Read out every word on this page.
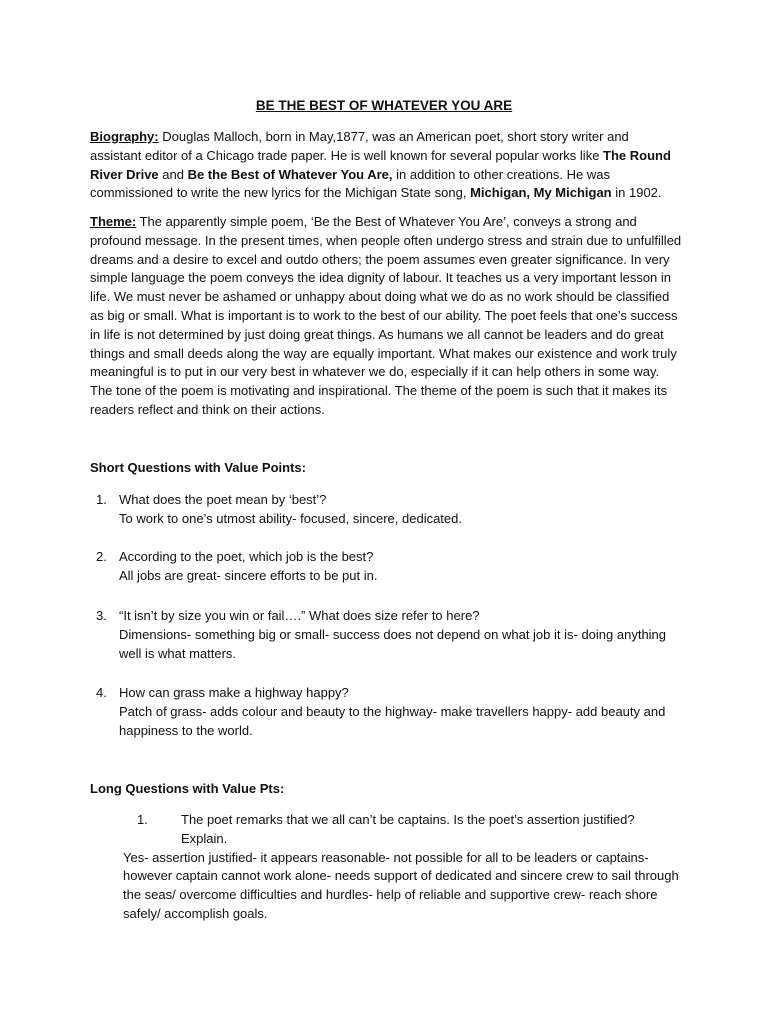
BE THE BEST OF WHATEVER YOU ARE

Biography: Douglas Malloch, born in May,1877, was an American poet, short story writer and assistant editor of a Chicago trade paper. He is well known for several popular works like The Round River Drive and Be the Best of Whatever You Are, in addition to other creations. He was commissioned to write the new lyrics for the Michigan State song, Michigan, My Michigan in 1902.

Theme: The apparently simple poem, ‘Be the Best of Whatever You Are’, conveys a strong and profound message. In the present times, when people often undergo stress and strain due to unfulfilled dreams and a desire to excel and outdo others; the poem assumes even greater significance. In very simple language the poem conveys the idea dignity of labour. It teaches us a very important lesson in life. We must never be ashamed or unhappy about doing what we do as no work should be classified as big or small. What is important is to work to the best of our ability. The poet feels that one’s success in life is not determined by just doing great things. As humans we all cannot be leaders and do great things and small deeds along the way are equally important. What makes our existence and work truly meaningful is to put in our very best in whatever we do, especially if it can help others in some way. The tone of the poem is motivating and inspirational. The theme of the poem is such that it makes its readers reflect and think on their actions.

Short Questions with Value Points:

1. What does the poet mean by ‘best’?
To work to one’s utmost ability- focused, sincere, dedicated.
2. According to the poet, which job is the best?
All jobs are great- sincere efforts to be put in.
3. “It isn’t by size you win or fail….” What does size refer to here?
Dimensions- something big or small- success does not depend on what job it is- doing anything well is what matters.
4. How can grass make a highway happy?
Patch of grass- adds colour and beauty to the highway- make travellers happy- add beauty and happiness to the world.

Long Questions with Value Pts:

1.	The poet remarks that we all can’t be captains. Is the poet’s assertion justified? Explain.
Yes- assertion justified- it appears reasonable- not possible for all to be leaders or captains- however captain cannot work alone- needs support of dedicated and sincere crew to sail through the seas/ overcome difficulties and hurdles- help of reliable and supportive crew- reach shore safely/ accomplish goals.
